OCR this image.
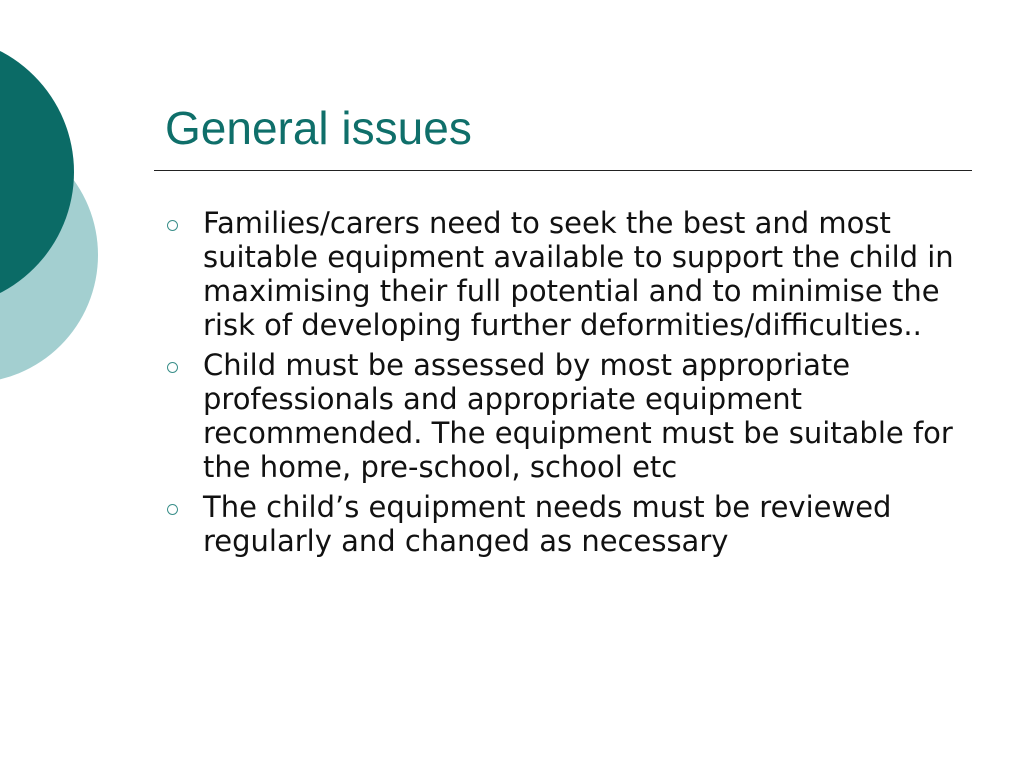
General issues
Families/carers need to seek the best and most suitable equipment available to support the child in maximising their full potential and to minimise the risk of developing further deformities/difficulties..
Child must be assessed by most appropriate professionals and appropriate equipment recommended. The equipment must be suitable for the home, pre-school, school etc
The child’s equipment needs must be reviewed regularly and changed as necessary
